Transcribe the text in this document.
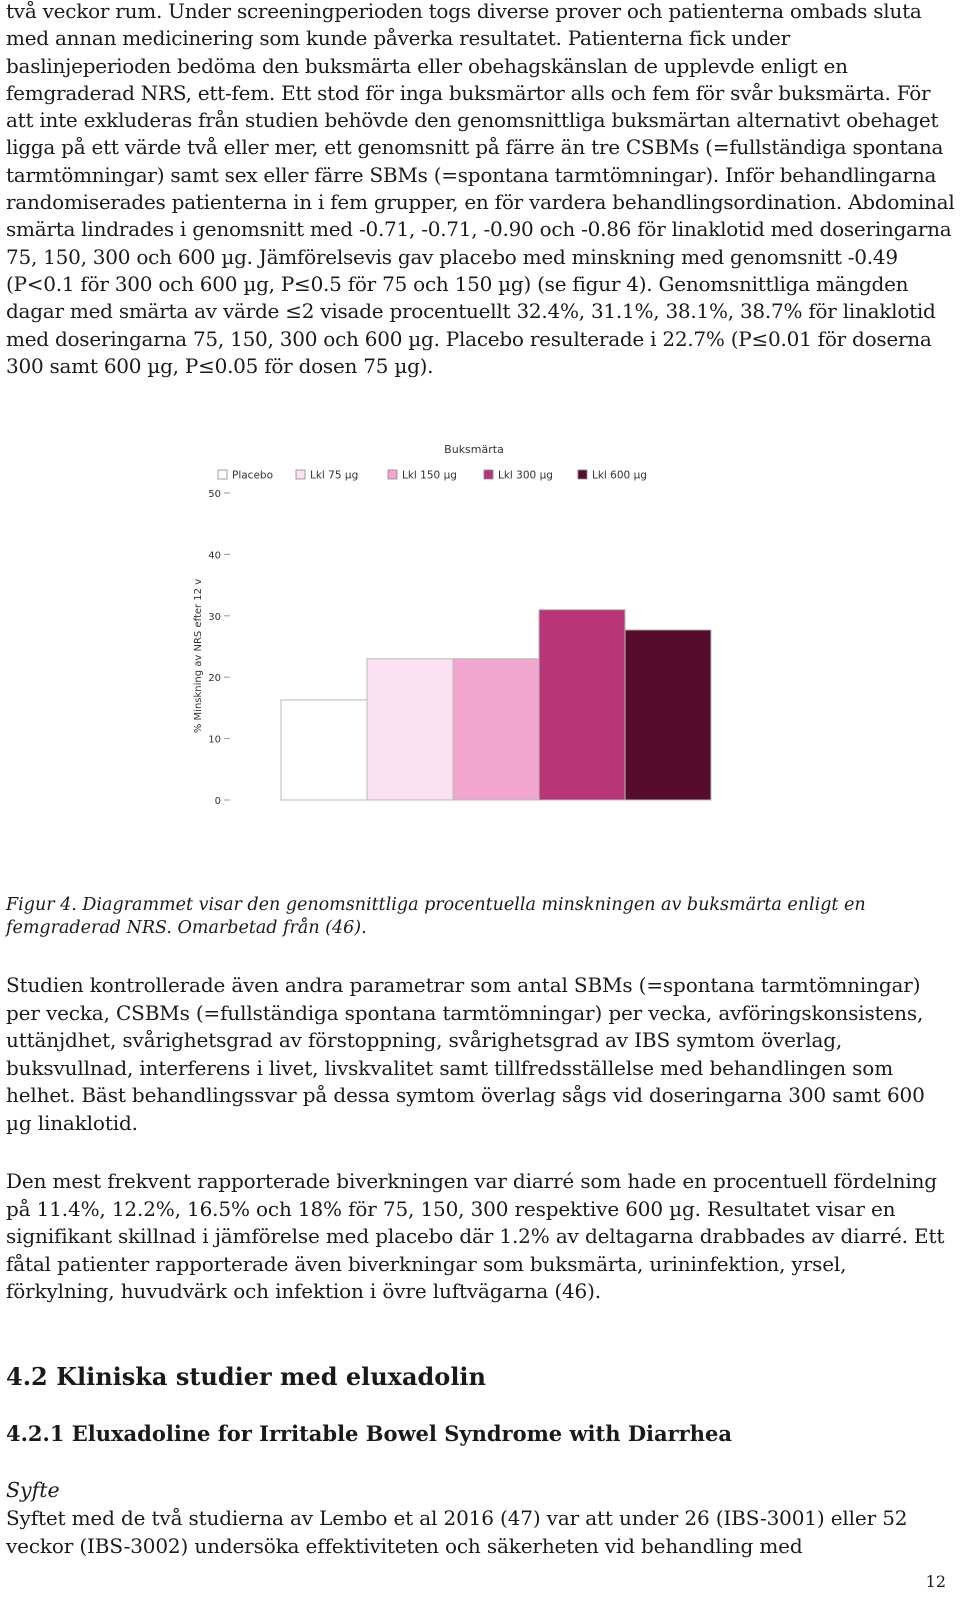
två veckor rum. Under screeningperioden togs diverse prover och patienterna ombads sluta med annan medicinering som kunde påverka resultatet. Patienterna fick under baslinjeperioden bedöma den buksmärta eller obehagskänslan de upplevde enligt en femgraderad NRS, ett-fem. Ett stod för inga buksmärtor alls och fem för svår buksmärta. För att inte exkluderas från studien behövde den genomsnittliga buksmärtan alternativt obehaget ligga på ett värde två eller mer, ett genomsnitt på färre än tre CSBMs (=fullständiga spontana tarmtömningar) samt sex eller färre SBMs (=spontana tarmtömningar). Inför behandlingarna randomiserades patienterna in i fem grupper, en för vardera behandlingsordination. Abdominal smärta lindrades i genomsnitt med -0.71, -0.71, -0.90 och -0.86 för linaklotid med doseringarna 75, 150, 300 och 600 µg. Jämförelsevis gav placebo med minskning med genomsnitt -0.49 (P<0.1 för 300 och 600 µg, P≤0.5 för 75 och 150 µg) (se figur 4). Genomsnittliga mängden dagar med smärta av värde ≤2 visade procentuellt 32.4%, 31.1%, 38.1%, 38.7% för linaklotid med doseringarna 75, 150, 300 och 600 µg. Placebo resulterade i 22.7% (P≤0.01 för doserna 300 samt 600 µg, P≤0.05 för dosen 75 µg).

Buksmärta
Placebo	Lkl 75 µg	Lkl 150 µg	Lkl 300 µg	Lkl 600 µg
0
10
20
30
40
50
% Minskning av NRS efter 12 v

Figur 4. Diagrammet visar den genomsnittliga procentuella minskningen av buksmärta enligt en femgraderad NRS. Omarbetad från (46).

Studien kontrollerade även andra parametrar som antal SBMs (=spontana tarmtömningar) per vecka, CSBMs (=fullständiga spontana tarmtömningar) per vecka, avföringskonsistens, uttänjdhet, svårighetsgrad av förstoppning, svårighetsgrad av IBS symtom överlag, buksvullnad, interferens i livet, livskvalitet samt tillfredsställelse med behandlingen som helhet. Bäst behandlingssvar på dessa symtom överlag sågs vid doseringarna 300 samt 600 µg linaklotid.

Den mest frekvent rapporterade biverkningen var diarré som hade en procentuell fördelning på 11.4%, 12.2%, 16.5% och 18% för 75, 150, 300 respektive 600 µg. Resultatet visar en signifikant skillnad i jämförelse med placebo där 1.2% av deltagarna drabbades av diarré. Ett fåtal patienter rapporterade även biverkningar som buksmärta, urininfektion, yrsel, förkylning, huvudvärk och infektion i övre luftvägarna (46).

4.2 Kliniska studier med eluxadolin
4.2.1 Eluxadoline for Irritable Bowel Syndrome with Diarrhea

Syfte

Syftet med de två studierna av Lembo et al 2016 (47) var att under 26 (IBS-3001) eller 52 veckor (IBS-3002) undersöka effektiviteten och säkerheten vid behandling med

12
